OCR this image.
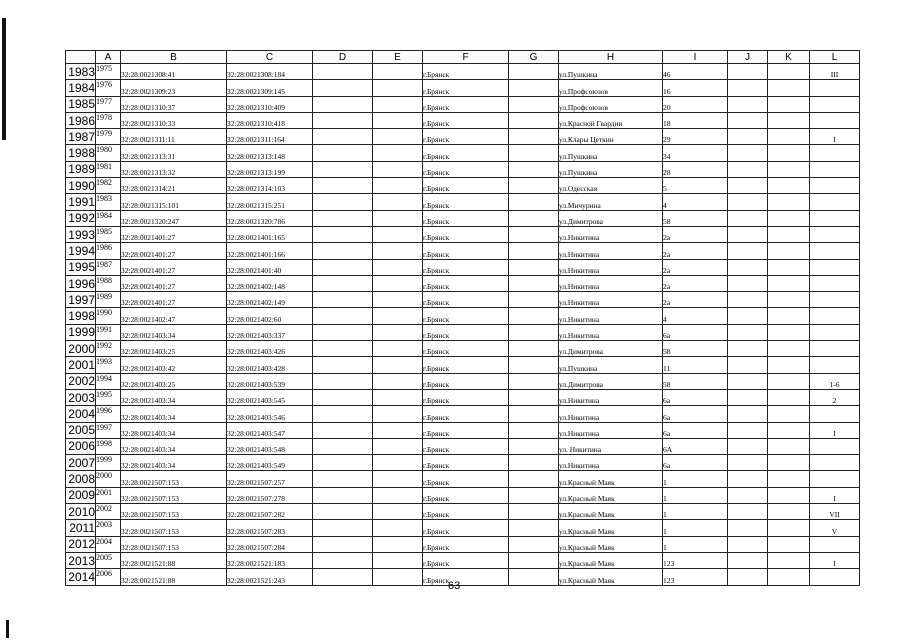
	A	B	C	D	E	F	G	H	I	J	K	L
1983	1975	32:28:0021308:41	32:28:0021308:184			г.Брянск		ул.Пушкина	46			III
1984	1976	32:28:0021309:23	32:28:0021309:145			г.Брянск		ул.Профсоюзов	16			
1985	1977	32:28:0021310:37	32:28:0021310:409			г.Брянск		ул.Профсоюзов	20			
1986	1978	32:28:0021310:33	32:28:0021310:418			г.Брянск		ул.Красной Гвардии	18			
1987	1979	32:28:0021311:11	32:28:0021311:164			г.Брянск		ул.Клары Цеткин	29			I
1988	1980	32:28:0021313:31	32:28:0021313:148			г.Брянск		ул.Пушкина	34			
1989	1981	32:28:0021313:32	32:28:0021313:199			г.Брянск		ул.Пушкина	28			
1990	1982	32:28:0021314:21	32:28:0021314:103			г.Брянск		ул.Одесская	5			
1991	1983	32:28:0021315:101	32:28:0021315:251			г.Брянск		ул.Мичурина	4			
1992	1984	32:28:0021320:247	32:28:0021320:786			г.Брянск		ул.Димитрова	58			
1993	1985	32:28:0021401:27	32:28:0021401:165			г.Брянск		ул.Никитина	2а			
1994	1986	32:28:0021401:27	32:28:0021401:166			г.Брянск		ул.Никитина	2а			
1995	1987	32:28:0021401:27	32:28:0021401:40			г.Брянск		ул.Никитина	2а			
1996	1988	32:28:0021401:27	32:28:0021402:148			г.Брянск		ул.Никитина	2а			
1997	1989	32:28:0021401:27	32:28:0021402:149			г.Брянск		ул.Никитина	2а			
1998	1990	32:28:0021402:47	32:28:0021402:60			г.Брянск		ул.Никитина	4			
1999	1991	32:28:0021403:34	32:28:0021403:337			г.Брянск		ул.Никитина	6а			
2000	1992	32:28:0021403:25	32:28:0021403:426			г.Брянск		ул.Димитрова	58			
2001	1993	32:28:0021403:42	32:28:0021403:428			г.Брянск		ул.Пушкина	11			
2002	1994	32:28:0021403:25	32:28:0021403:539			г.Брянск		ул.Димитрова	58			1-6
2003	1995	32:28:0021403:34	32:28:0021403:545			г.Брянск		ул.Никитина	6а			2
2004	1996	32:28:0021403:34	32:28:0021403:546			г.Брянск		ул.Никитина	6а			
2005	1997	32:28:0021403:34	32:28:0021403:547			г.Брянск		ул.Никитина	6а			I
2006	1998	32:28:0021403:34	32:28:0021403:548			г.Брянск		ул. Никитина	6А			
2007	1999	32:28:0021403:34	32:28:0021403:549			г.Брянск		ул.Никитина	6а			
2008	2000	32:28:0021507:153	32:28:0021507:257			г.Брянск		ул.Красный Маяк	1			
2009	2001	32:28:0021507:153	32:28:0021507:278			г.Брянск		ул.Красный Маяк	1			I
2010	2002	32:28:0021507:153	32:28:0021507:282			г.Брянск		ул.Красный Маяк	1			VII
2011	2003	32:28:0021507:153	32:28:0021507:283			г.Брянск		ул.Красный Маяк	1			V
2012	2004	32:28:0021507:153	32:28:0021507:284			г.Брянск		ул.Красный Маяк	1			
2013	2005	32:28:0021521:88	32:28:0021521:183			г.Брянск		ул.Красный Маяк	123			I
2014	2006	32:28:0021521:88	32:28:0021521:243			г.Брянск		ул.Красный Маяк	123			
63
